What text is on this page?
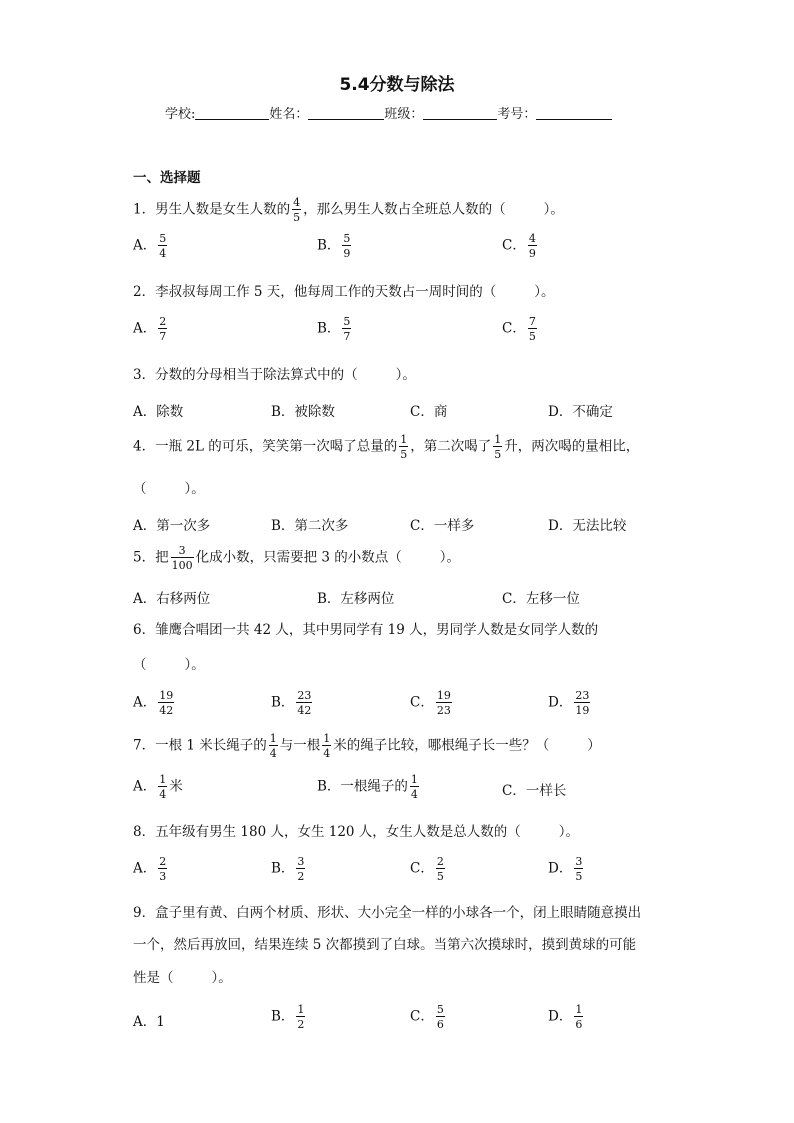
5.4分数与除法
学校:	姓名：	班级：	考号：
一、选择题
1．男生人数是女生人数的 $\frac{4}{5}$ ，那么男生人数占全班总人数的（	）。
A． $\frac{5}{4}$	B． $\frac{5}{9}$	C． $\frac{4}{9}$
2．李叔叔每周工作 5 天，他每周工作的天数占一周时间的（	）。
A． $\frac{2}{7}$	B． $\frac{5}{7}$	C． $\frac{7}{5}$
3．分数的分母相当于除法算式中的（	）。
A．除数	B．被除数	C．商	D．不确定
4．一瓶 2L 的可乐，笑笑第一次喝了总量的 $\frac{1}{5}$ ，第二次喝了 $\frac{1}{5}$ 升，两次喝的量相比，
（	）。
A．第一次多	B．第二次多	C．一样多	D．无法比较
5．把 $\frac{3}{100}$ 化成小数，只需要把 3 的小数点（	）。
A．右移两位	B．左移两位	C．左移一位
6．雏鹰合唱团一共 42 人，其中男同学有 19 人，男同学人数是女同学人数的
（	）。
A． $\frac{19}{42}$	B． $\frac{23}{42}$	C． $\frac{19}{23}$	D． $\frac{23}{19}$
7．一根 1 米长绳子的 $\frac{1}{4}$ 与一根 $\frac{1}{4}$ 米的绳子比较，哪根绳子长一些？（	）
A． $\frac{1}{4}$ 米	B．一根绳子的 $\frac{1}{4}$	C．一样长
8．五年级有男生 180 人，女生 120 人，女生人数是总人数的（	）。
A． $\frac{2}{3}$	B． $\frac{3}{2}$	C． $\frac{2}{5}$	D． $\frac{3}{5}$
9．盒子里有黄、白两个材质、形状、大小完全一样的小球各一个，闭上眼睛随意摸出
一个，然后再放回，结果连续 5 次都摸到了白球。当第六次摸球时，摸到黄球的可能
性是（	）。
A．1	B． $\frac{1}{2}$	C． $\frac{5}{6}$	D． $\frac{1}{6}$
